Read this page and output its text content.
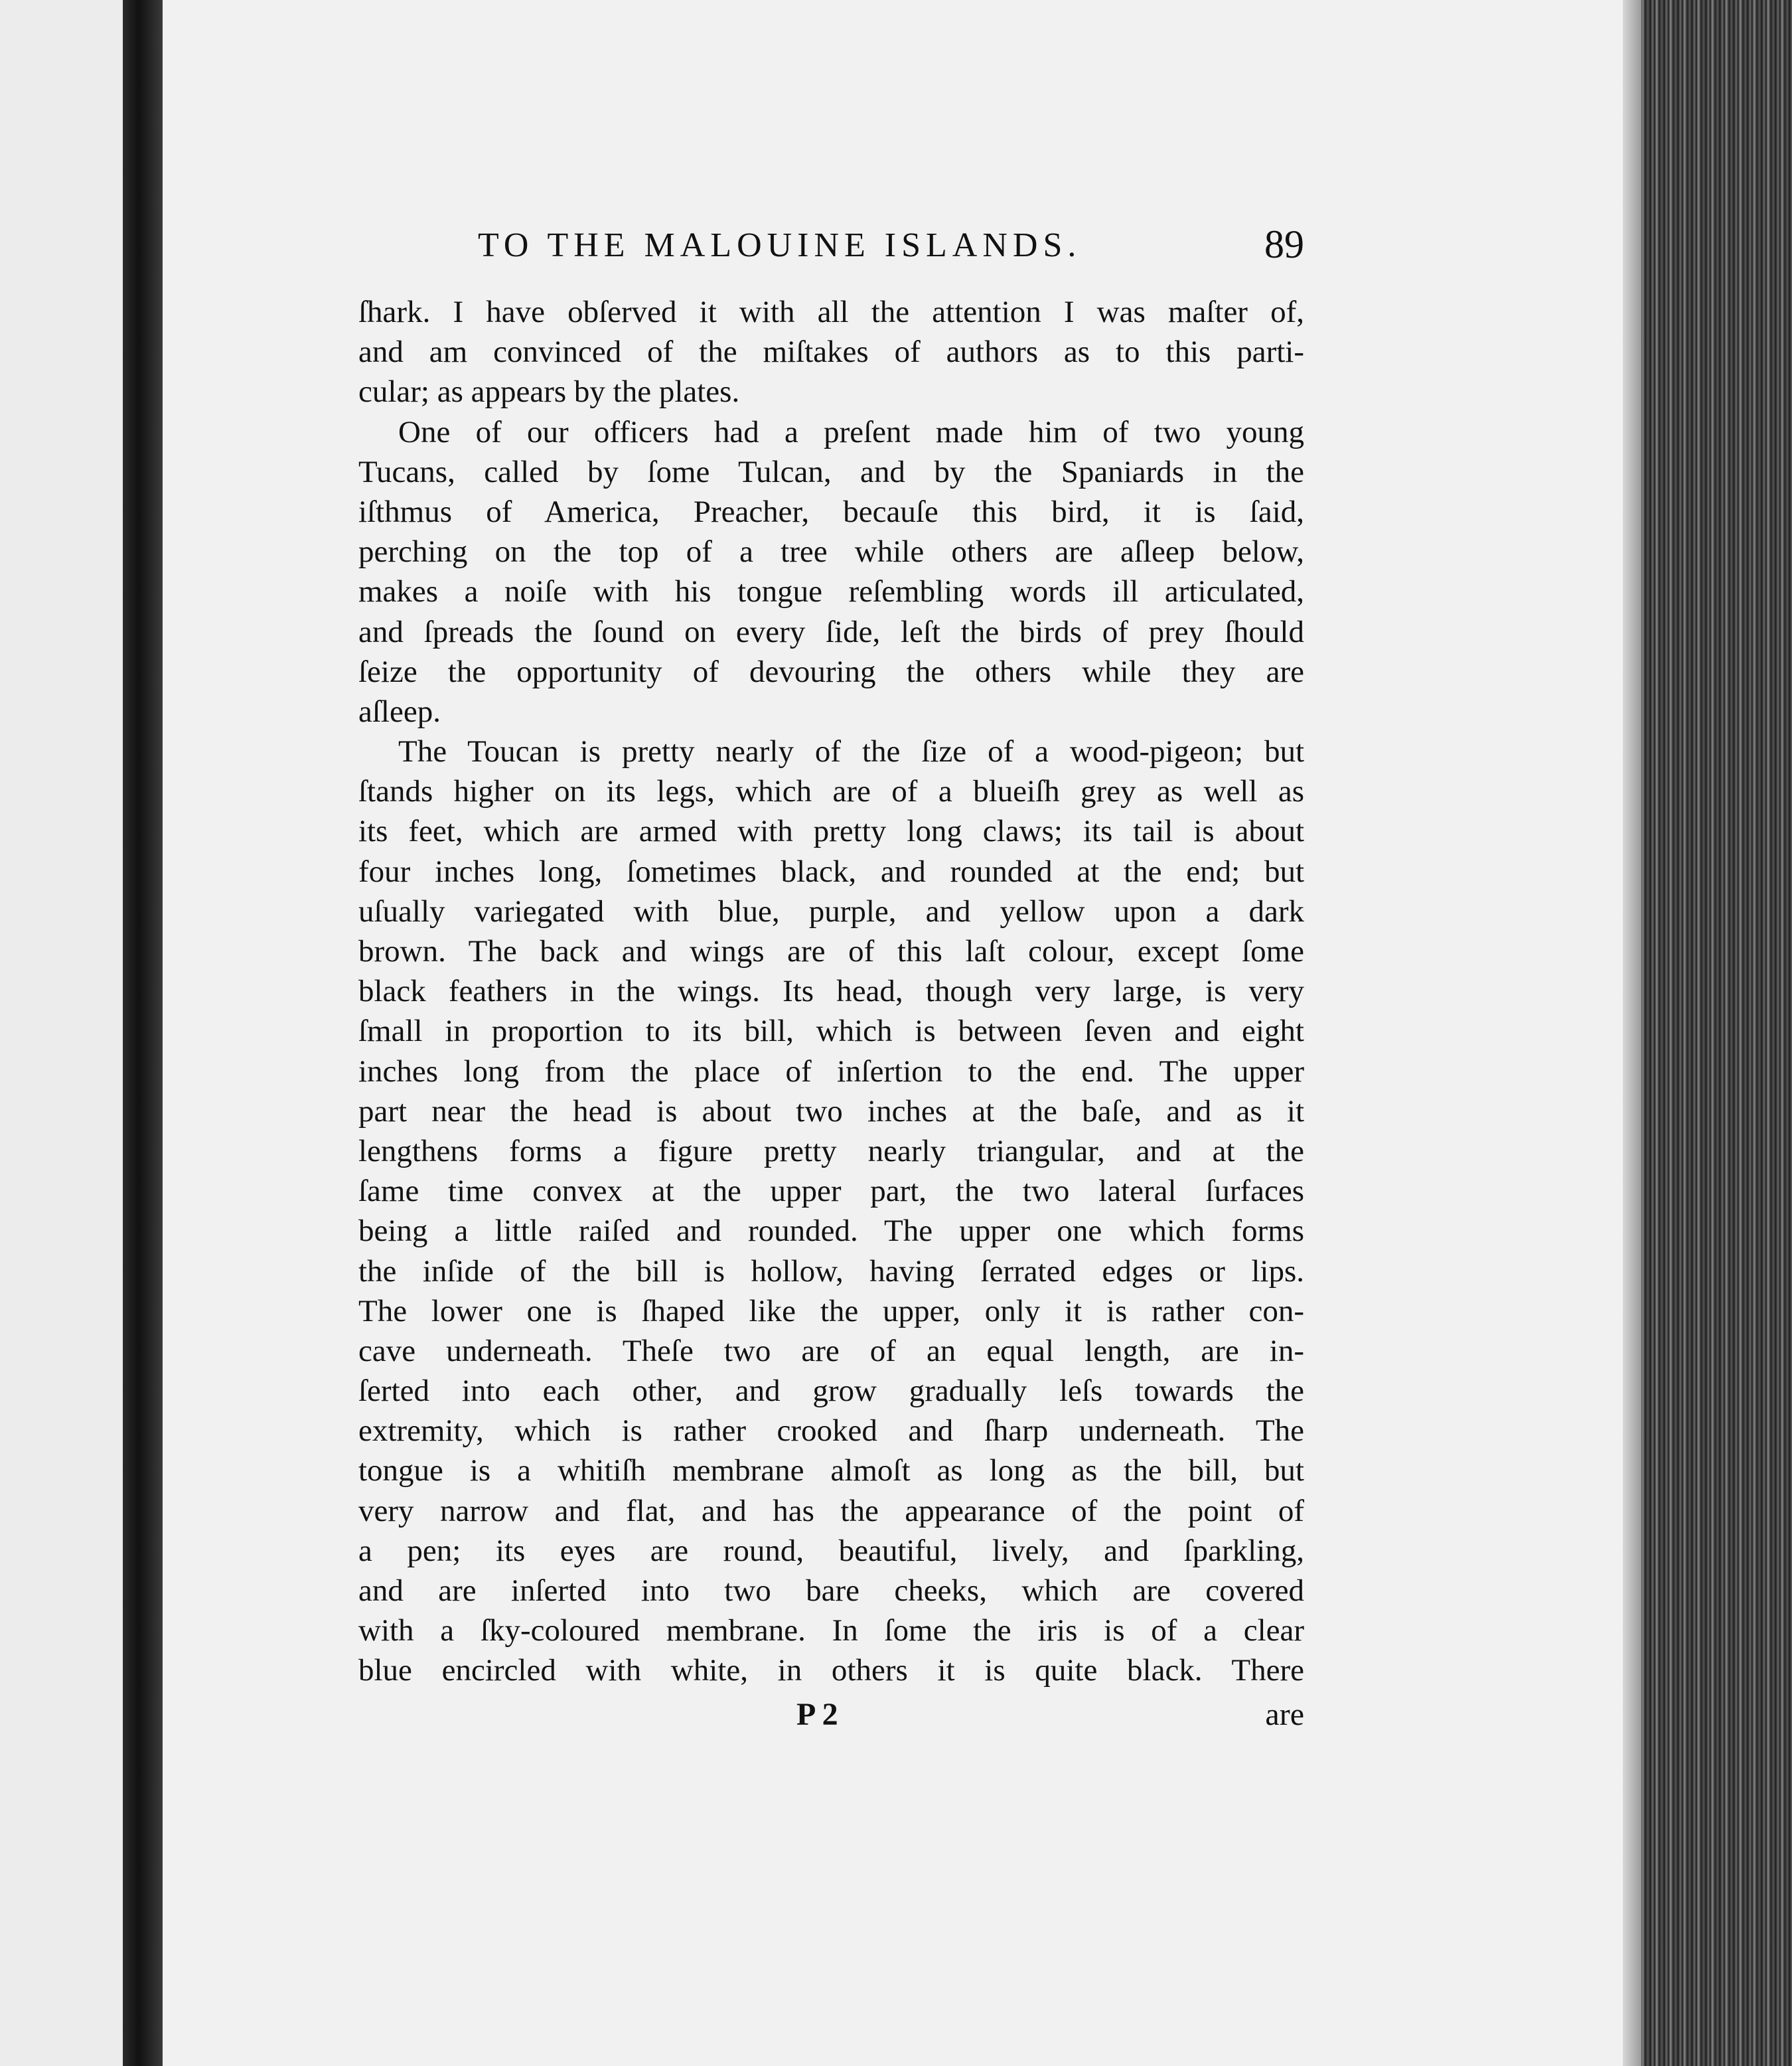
TO THE MALOUINE ISLANDS.	89
ſhark. I have obſerved it with all the attention I was maſter of,
and am convinced of the miſtakes of authors as to this parti-
cular; as appears by the plates.
One of our officers had a preſent made him of two young
Tucans, called by ſome Tulcan, and by the Spaniards in the
iſthmus of America, Preacher, becauſe this bird, it is ſaid,
perching on the top of a tree while others are aſleep below,
makes a noiſe with his tongue reſembling words ill articulated,
and ſpreads the ſound on every ſide, leſt the birds of prey ſhould
ſeize the opportunity of devouring the others while they are
aſleep.
The Toucan is pretty nearly of the ſize of a wood-pigeon; but
ſtands higher on its legs, which are of a blueiſh grey as well as
its feet, which are armed with pretty long claws; its tail is about
four inches long, ſometimes black, and rounded at the end; but
uſually variegated with blue, purple, and yellow upon a dark
brown. The back and wings are of this laſt colour, except ſome
black feathers in the wings. Its head, though very large, is very
ſmall in proportion to its bill, which is between ſeven and eight
inches long from the place of inſertion to the end. The upper
part near the head is about two inches at the baſe, and as it
lengthens forms a figure pretty nearly triangular, and at the
ſame time convex at the upper part, the two lateral ſurfaces
being a little raiſed and rounded. The upper one which forms
the inſide of the bill is hollow, having ſerrated edges or lips.
The lower one is ſhaped like the upper, only it is rather con-
cave underneath. Theſe two are of an equal length, are in-
ſerted into each other, and grow gradually leſs towards the
extremity, which is rather crooked and ſharp underneath. The
tongue is a whitiſh membrane almoſt as long as the bill, but
very narrow and flat, and has the appearance of the point of
a pen; its eyes are round, beautiful, lively, and ſparkling,
and are inſerted into two bare cheeks, which are covered
with a ſky-coloured membrane. In ſome the iris is of a clear
blue encircled with white, in others it is quite black. There
P 2	are
